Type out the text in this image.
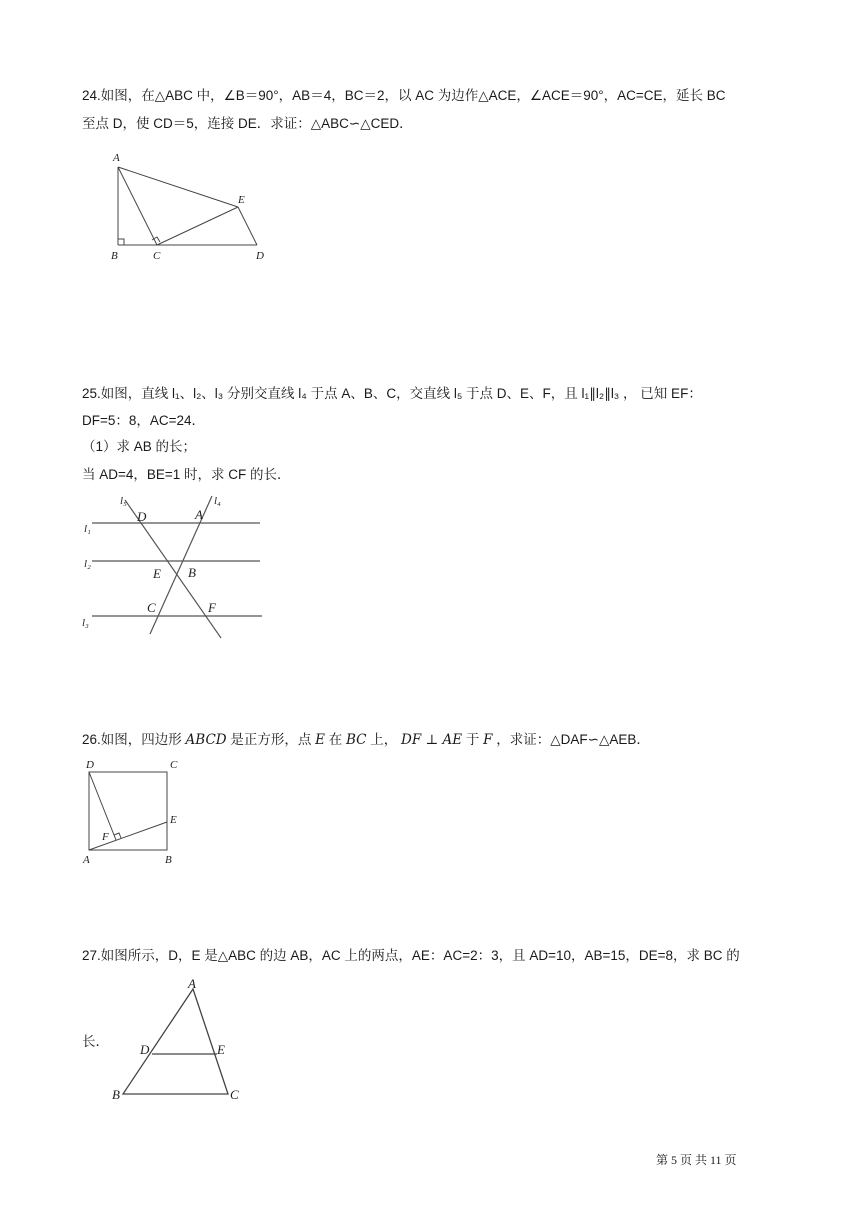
24.如图，在△ABC 中，∠B＝90°，AB＝4，BC＝2，以 AC 为边作△ACE，∠ACE＝90°，AC=CE，延长 BC
至点 D，使 CD＝5，连接 DE．求证：△ABC∽△CED．
A
B	C	D
E
25.如图，直线 l₁、l₂、l₃ 分别交直线 l₄ 于点 A、B、C，交直线 l₅ 于点 D、E、F，且 l₁∥l₂∥l₃ ， 已知 EF：
DF=5：8，AC=24．
（1）求 AB 的长；
当 AD=4，BE=1 时，求 CF 的长．
l₅	l₄
l₁
l₂
l₃
D	A
E B
C	F
26.如图，四边形 ABCD 是正方形，点 E 在 BC 上， DF ⊥ AE 于 F ，求证：△DAF∽△AEB．
D	C
A	B
E
F
27.如图所示，D，E 是△ABC 的边 AB，AC 上的两点，AE：AC=2：3，且 AD=10，AB=15，DE=8，求 BC 的
长．
A
B	C
D	E
第 5 页 共 11 页
